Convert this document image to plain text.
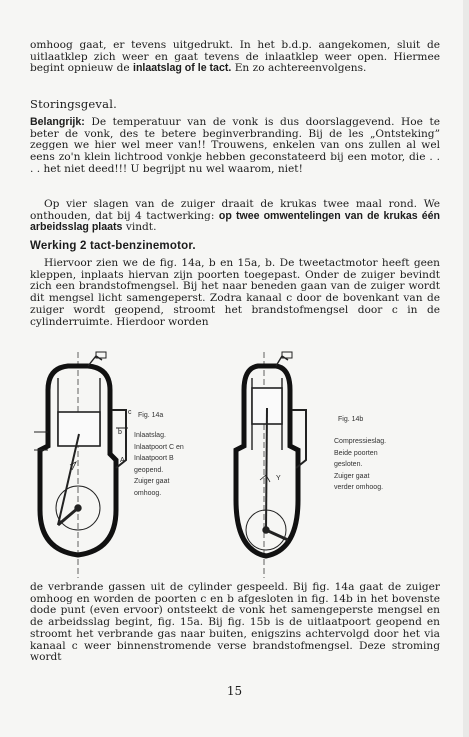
omhoog gaat, er tevens uitgedrukt. In het b.d.p. aangekomen, sluit de uitlaatklep zich weer en gaat tevens de inlaatklep weer open. Hiermee begint opnieuw de inlaatslag of le tact. En zo achtereenvolgens.

Storingsgeval.

Belangrijk: De temperatuur van de vonk is dus doorslaggevend. Hoe te beter de vonk, des te betere beginverbranding. Bij de les „Ontsteking” zeggen we hier wel meer van!! Trouwens, enkelen van ons zullen al wel eens zo'n klein lichtrood vonkje hebben geconstateerd bij een motor, die . . . . het niet deed!!! U begrijpt nu wel waarom, niet!

Op vier slagen van de zuiger draait de krukas twee maal rond. We onthouden, dat bij 4 tactwerking: op twee omwentelingen van de krukas één arbeidsslag plaats vindt.

Werking 2 tact-benzinemotor.

Hiervoor zien we de fig. 14a, b en 15a, b. De tweetactmotor heeft geen kleppen, inplaats hiervan zijn poorten toegepast. Onder de zuiger bevindt zich een brandstofmengsel. Bij het naar beneden gaan van de zuiger wordt dit mengsel licht samengeperst. Zodra kanaal c door de bovenkant van de zuiger wordt geopend, stroomt het brandstofmengsel door c in de cylinderruimte. Hierdoor worden

b
A
c Fig. 14a
Inlaatslag.
Inlaatpoort C en
Inlaatpoort B
geopend.
Zuiger gaat
omhoog.
Y
Fig. 14b
Compressieslag.
Beide poorten
gesloten.
Zuiger gaat
verder omhoog.

de verbrande gassen uit de cylinder gespeeld. Bij fig. 14a gaat de zuiger omhoog en worden de poorten c en b afgesloten in fig. 14b in het bovenste dode punt (even ervoor) ontsteekt de vonk het samengeperste mengsel en de arbeidsslag begint, fig. 15a. Bij fig. 15b is de uitlaatpoort geopend en stroomt het verbrande gas naar buiten, enigszins achtervolgd door het via kanaal c weer binnenstromende verse brandstofmengsel. Deze stroming wordt

15
